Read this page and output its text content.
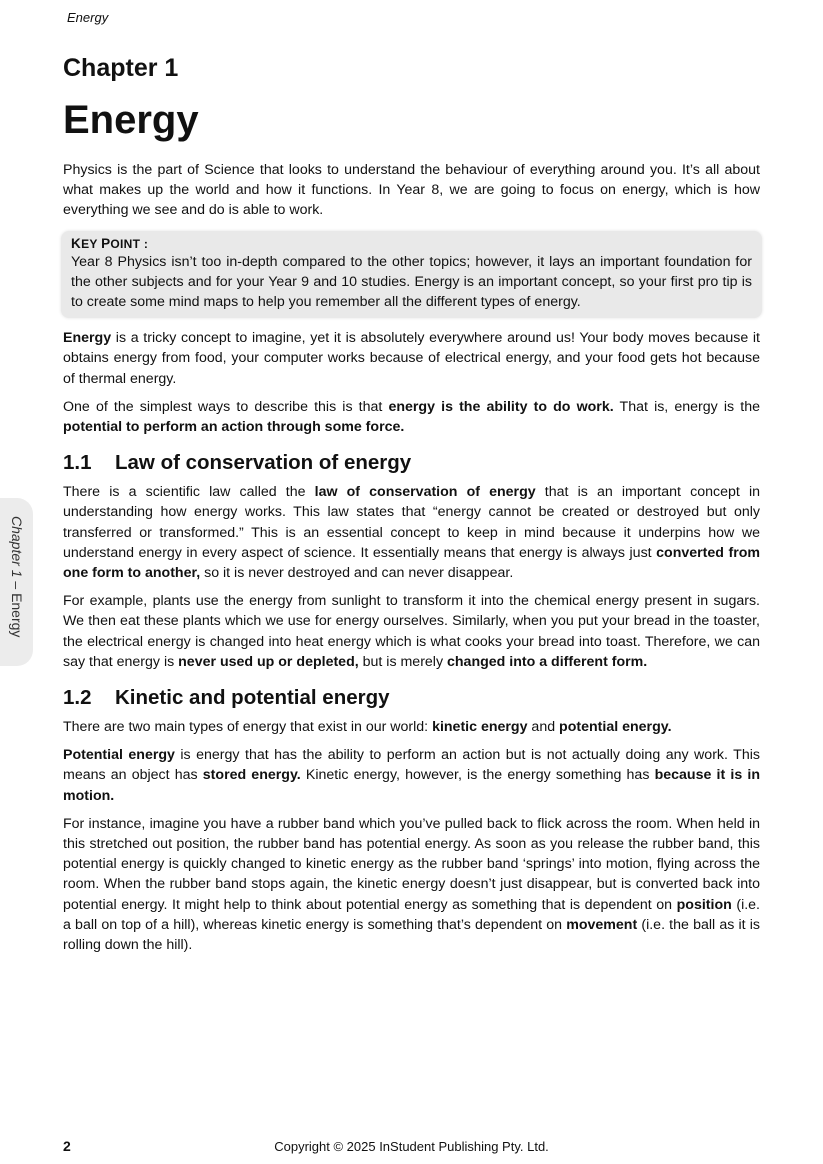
Energy
Chapter 1 – Energy
Chapter 1
Energy

Physics is the part of Science that looks to understand the behaviour of everything around you. It’s all about what makes up the world and how it functions. In Year 8, we are going to focus on energy, which is how everything we see and do is able to work.

KEY POINT :

Year 8 Physics isn’t too in-depth compared to the other topics; however, it lays an important foundation for the other subjects and for your Year 9 and 10 studies. Energy is an important concept, so your first pro tip is to create some mind maps to help you remember all the different types of energy.

Energy is a tricky concept to imagine, yet it is absolutely everywhere around us! Your body moves because it obtains energy from food, your computer works because of electrical energy, and your food gets hot because of thermal energy.

One of the simplest ways to describe this is that energy is the ability to do work. That is, energy is the potential to perform an action through some force.

1.1 Law of conservation of energy

There is a scientific law called the law of conservation of energy that is an important concept in understanding how energy works. This law states that “energy cannot be created or destroyed but only transferred or transformed.” This is an essential concept to keep in mind because it underpins how we understand energy in every aspect of science. It essentially means that energy is always just converted from one form to another, so it is never destroyed and can never disappear.

For example, plants use the energy from sunlight to transform it into the chemical energy present in sugars. We then eat these plants which we use for energy ourselves. Similarly, when you put your bread in the toaster, the electrical energy is changed into heat energy which is what cooks your bread into toast. Therefore, we can say that energy is never used up or depleted, but is merely changed into a different form.

1.2 Kinetic and potential energy

There are two main types of energy that exist in our world: kinetic energy and potential energy.

Potential energy is energy that has the ability to perform an action but is not actually doing any work. This means an object has stored energy. Kinetic energy, however, is the energy something has because it is in motion.

For instance, imagine you have a rubber band which you’ve pulled back to flick across the room. When held in this stretched out position, the rubber band has potential energy. As soon as you release the rubber band, this potential energy is quickly changed to kinetic energy as the rubber band ‘springs’ into motion, flying across the room. When the rubber band stops again, the kinetic energy doesn’t just disappear, but is converted back into potential energy. It might help to think about potential energy as something that is dependent on position (i.e. a ball on top of a hill), whereas kinetic energy is something that’s dependent on movement (i.e. the ball as it is rolling down the hill).

2	Copyright © 2025 InStudent Publishing Pty. Ltd.
